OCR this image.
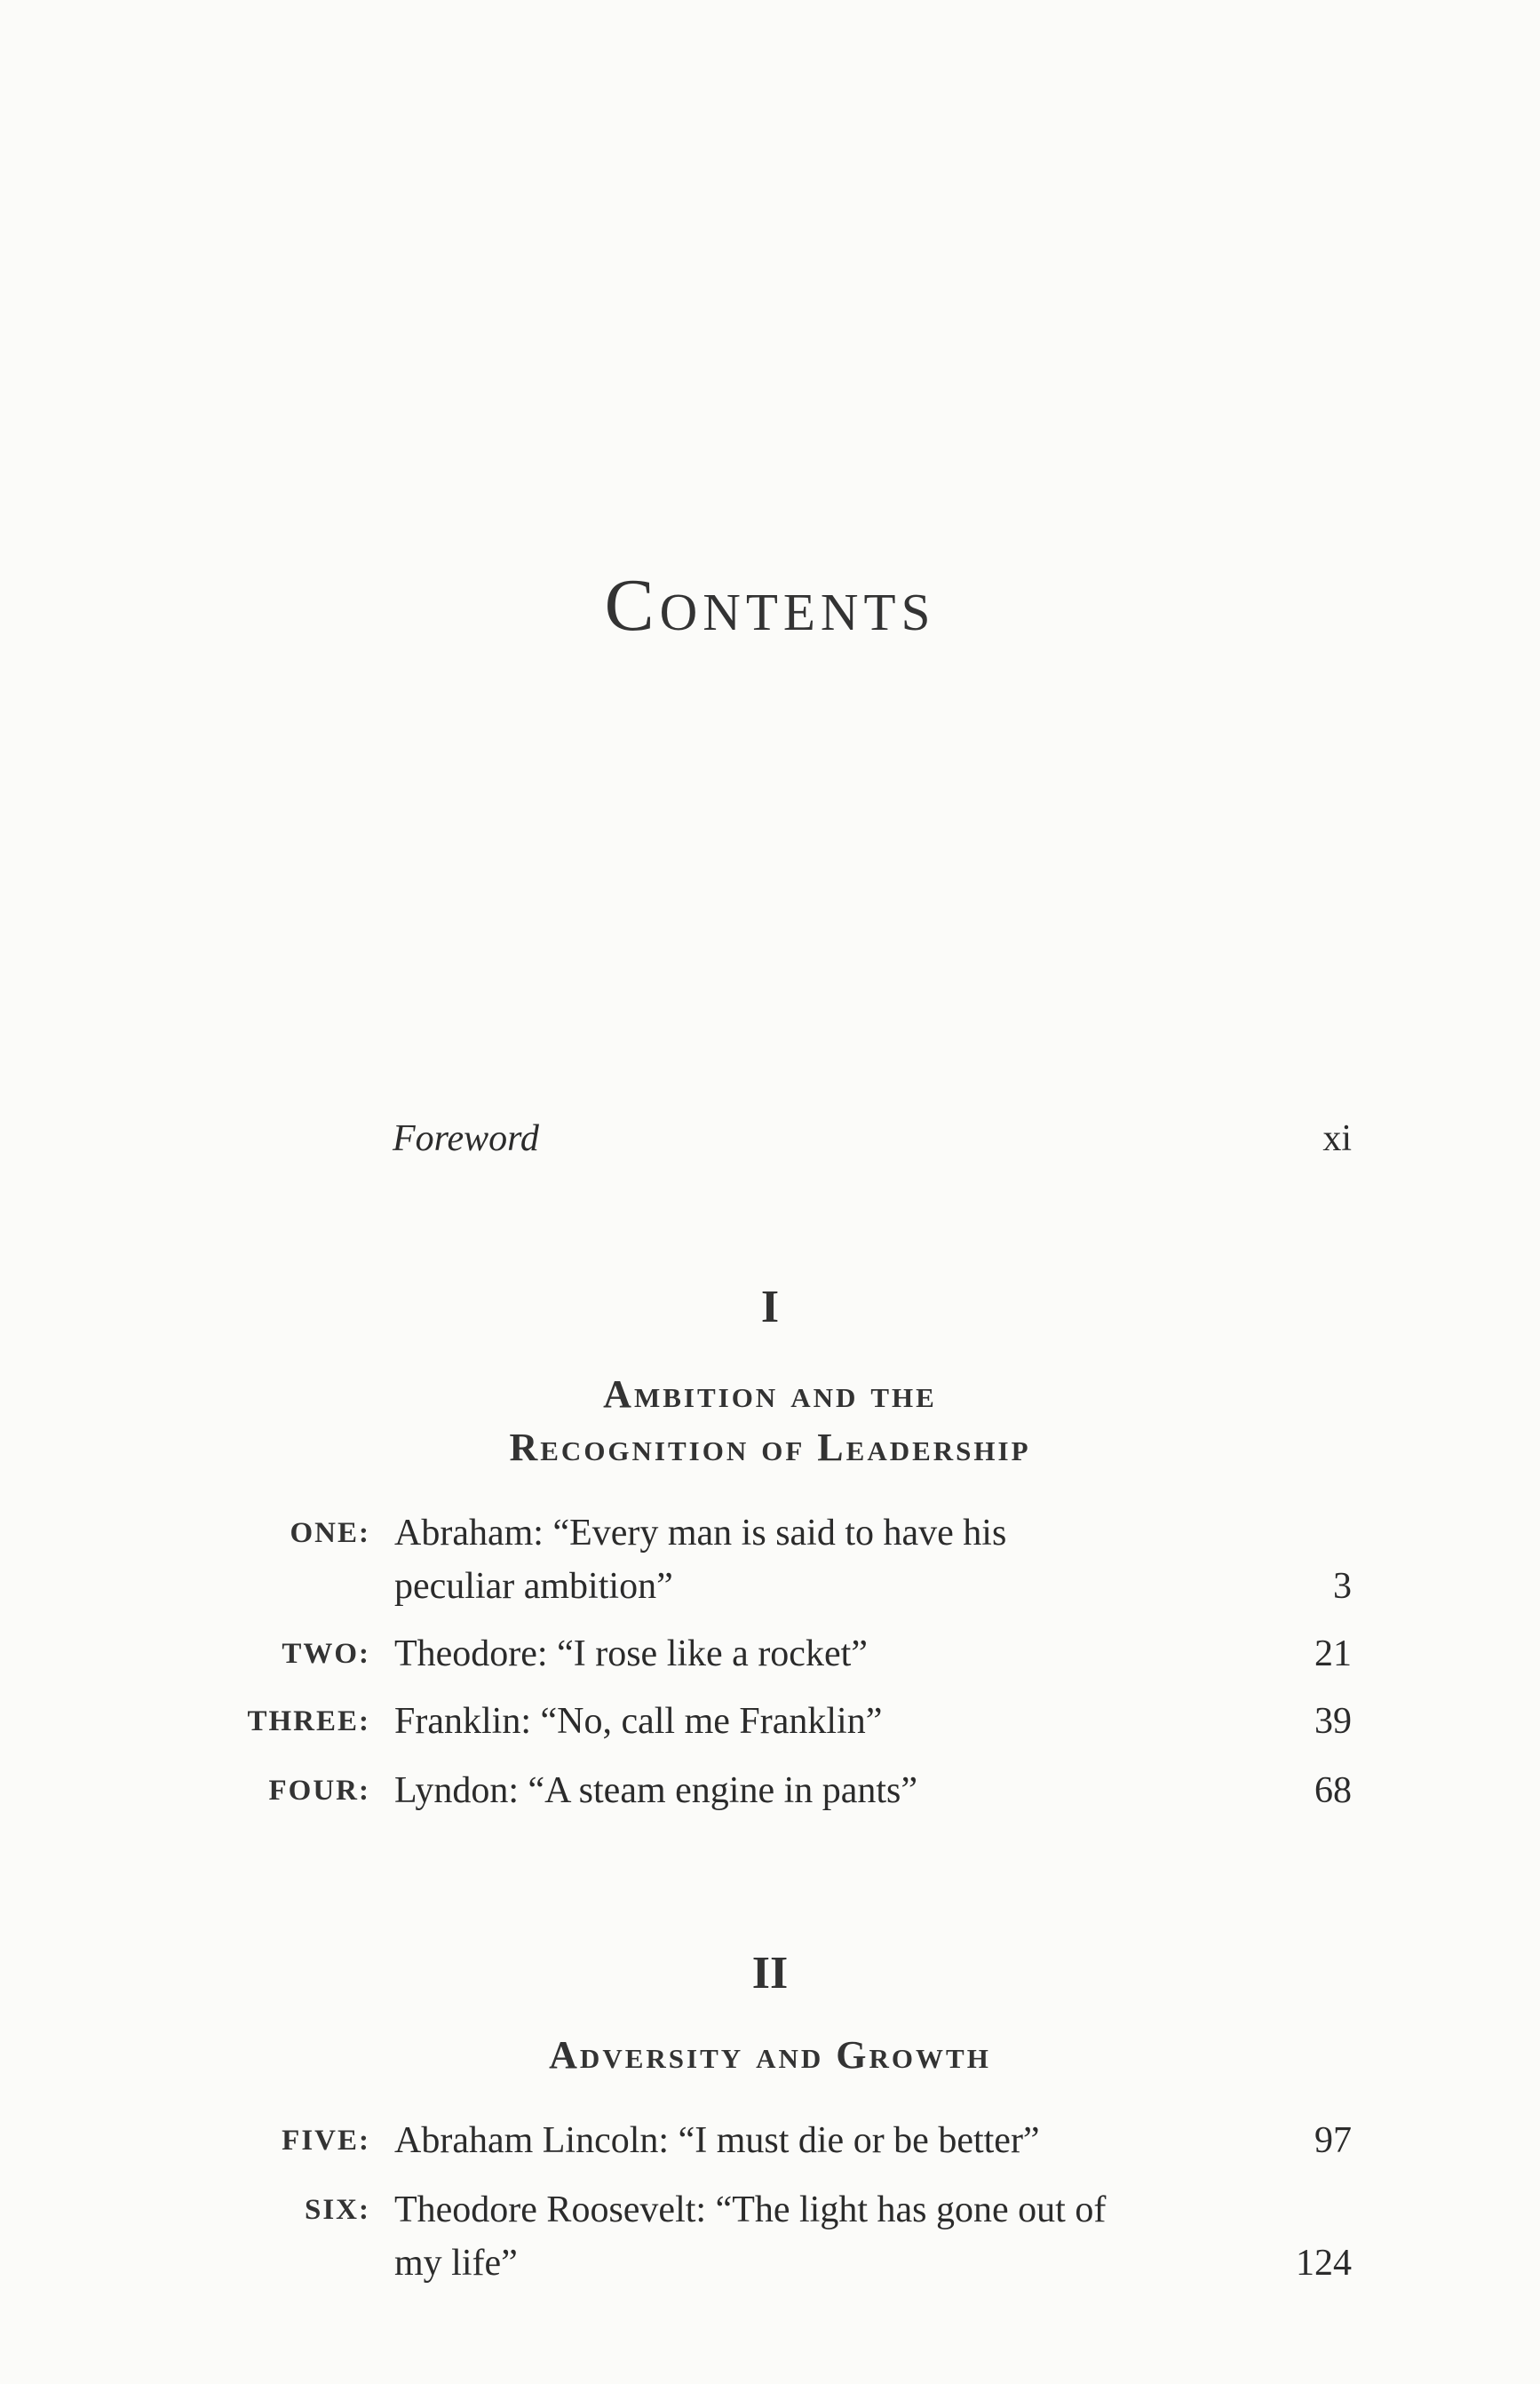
Contents
Foreword	xi
I
Ambition and the
Recognition of Leadership
ONE: Abraham: “Every man is said to have his peculiar ambition”	3
TWO: Theodore: “I rose like a rocket”	21
THREE: Franklin: “No, call me Franklin”	39
FOUR: Lyndon: “A steam engine in pants”	68
II
Adversity and Growth
FIVE: Abraham Lincoln: “I must die or be better”	97
SIX: Theodore Roosevelt: “The light has gone out of my life”	124
